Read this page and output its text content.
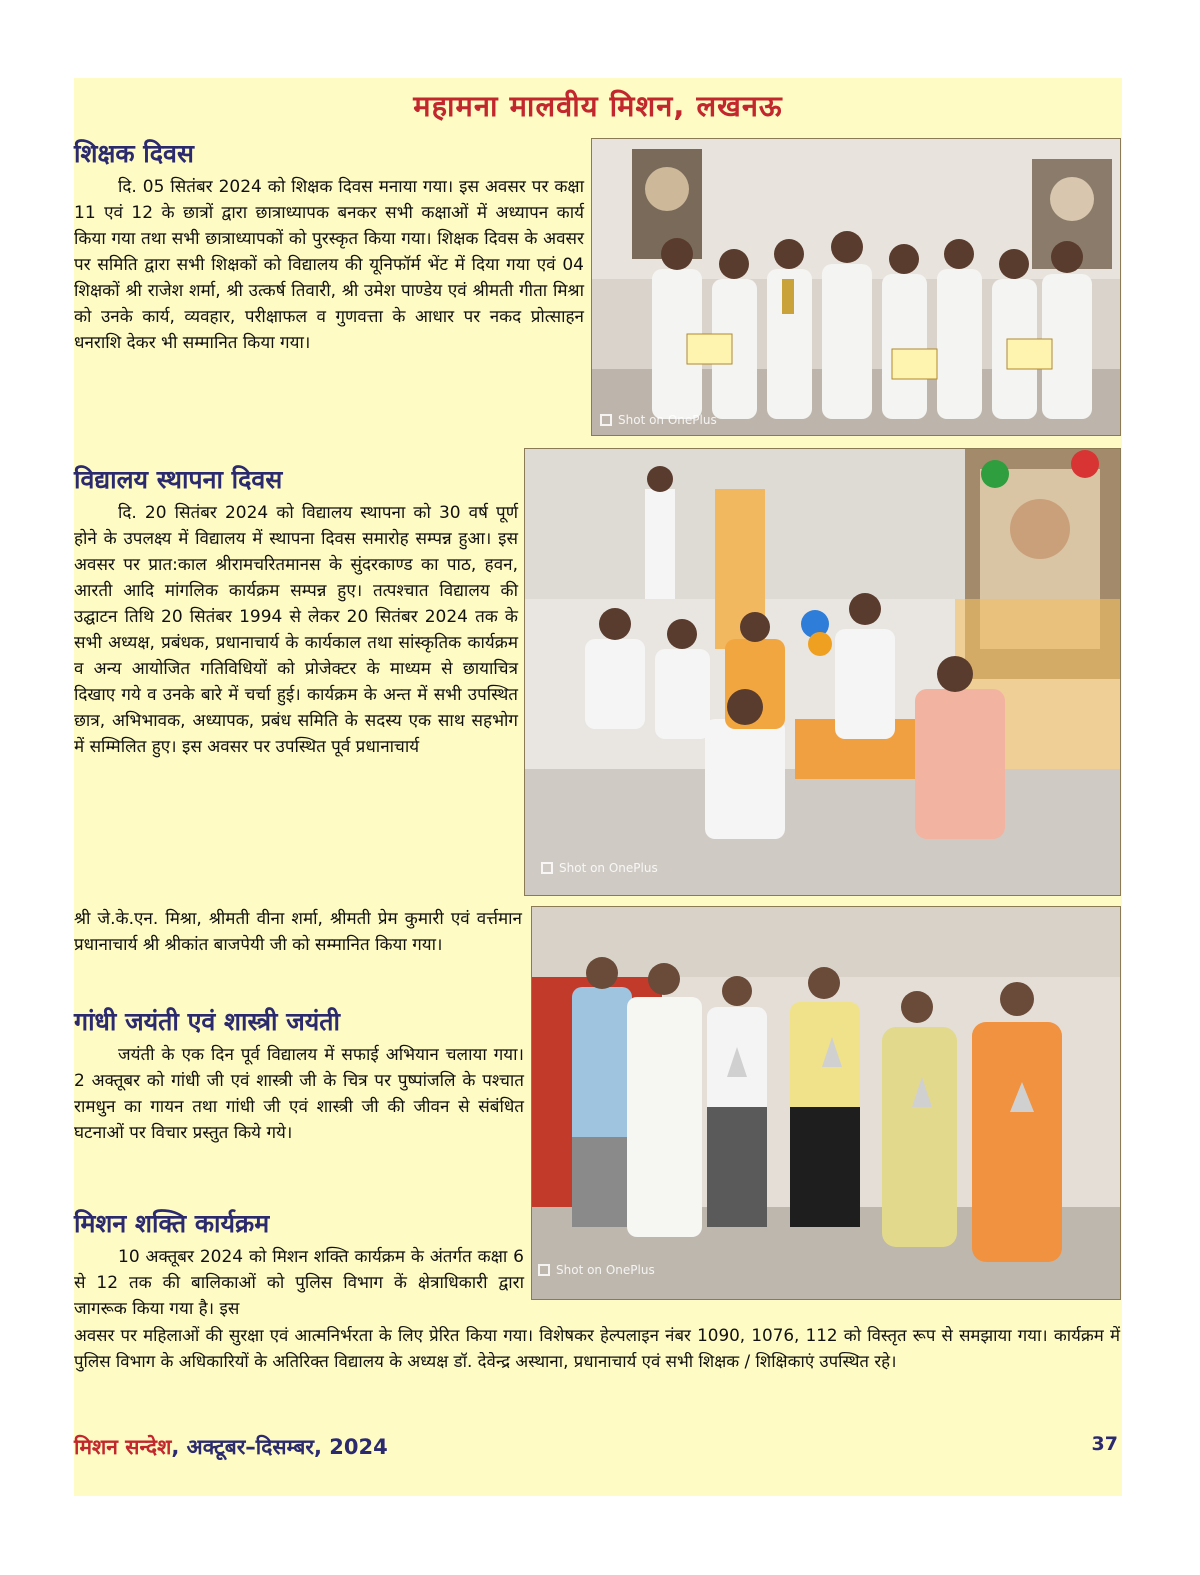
महामना मालवीय मिशन, लखनऊ
शिक्षक दिवस

दि. 05 सितंबर 2024 को शिक्षक दिवस मनाया गया। इस अवसर पर कक्षा 11 एवं 12 के छात्रों द्वारा छात्राध्यापक बनकर सभी कक्षाओं में अध्यापन कार्य किया गया तथा सभी छात्राध्यापकों को पुरस्कृत किया गया। शिक्षक दिवस के अवसर पर समिति द्वारा सभी शिक्षकों को विद्यालय की यूनिफॉर्म भेंट में दिया गया एवं 04 शिक्षकों श्री राजेश शर्मा, श्री उत्कर्ष तिवारी, श्री उमेश पाण्डेय एवं श्रीमती गीता मिश्रा को उनके कार्य, व्यवहार, परीक्षाफल व गुणवत्ता के आधार पर नकद प्रोत्साहन धनराशि देकर भी सम्मानित किया गया।

Shot on OnePlus
विद्यालय स्थापना दिवस

दि. 20 सितंबर 2024 को विद्यालय स्थापना को 30 वर्ष पूर्ण होने के उपलक्ष्य में विद्यालय में स्थापना दिवस समारोह सम्पन्न हुआ। इस अवसर पर प्रात:काल श्रीरामचरितमानस के सुंदरकाण्ड का पाठ, हवन, आरती आदि मांगलिक कार्यक्रम सम्पन्न हुए। तत्पश्चात विद्यालय की उद्घाटन तिथि 20 सितंबर 1994 से लेकर 20 सितंबर 2024 तक के सभी अध्यक्ष, प्रबंधक, प्रधानाचार्य के कार्यकाल तथा सांस्कृतिक कार्यक्रम व अन्य आयोजित गतिविधियों को प्रोजेक्टर के माध्यम से छायाचित्र दिखाए गये व उनके बारे में चर्चा हुई। कार्यक्रम के अन्त में सभी उपस्थित छात्र, अभिभावक, अध्यापक, प्रबंध समिति के सदस्य एक साथ सहभोग में सम्मिलित हुए। इस अवसर पर उपस्थित पूर्व प्रधानाचार्य

Shot on OnePlus

श्री जे.के.एन. मिश्रा, श्रीमती वीना शर्मा, श्रीमती प्रेम कुमारी एवं वर्त्तमान प्रधानाचार्य श्री श्रीकांत बाजपेयी जी को सम्मानित किया गया।

Shot on OnePlus
गांधी जयंती एवं शास्त्री जयंती

जयंती के एक दिन पूर्व विद्यालय में सफाई अभियान चलाया गया। 2 अक्तूबर को गांधी जी एवं शास्त्री जी के चित्र पर पुष्पांजलि के पश्चात रामधुन का गायन तथा गांधी जी एवं शास्त्री जी की जीवन से संबंधित घटनाओं पर विचार प्रस्तुत किये गये।

मिशन शक्ति कार्यक्रम

10 अक्तूबर 2024 को मिशन शक्ति कार्यक्रम के अंतर्गत कक्षा 6 से 12 तक की बालिकाओं को पुलिस विभाग कें क्षेत्राधिकारी द्वारा जागरूक किया गया है। इस

अवसर पर महिलाओं की सुरक्षा एवं आत्मनिर्भरता के लिए प्रेरित किया गया। विशेषकर हेल्पलाइन नंबर 1090, 1076, 112 को विस्तृत रूप से समझाया गया। कार्यक्रम में पुलिस विभाग के अधिकारियों के अतिरिक्त विद्यालय के अध्यक्ष डॉ. देवेन्द्र अस्थाना, प्रधानाचार्य एवं सभी शिक्षक / शिक्षिकाएं उपस्थित रहे।

मिशन सन्देश, अक्टूबर–दिसम्बर, 2024	37
